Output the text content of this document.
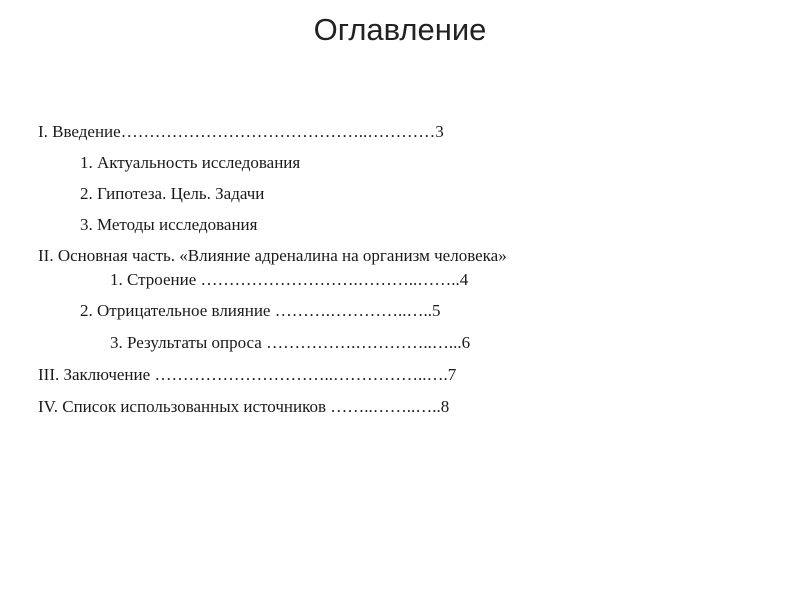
Оглавление
I. Введение……………………………………..…………3
1. Актуальность исследования
2. Гипотеза. Цель. Задачи
3. Методы исследования
II. Основная часть. «Влияние адреналина на организм человека»
1. Строение ……………………….………..……..4
2. Отрицательное влияние ……….…………..…..5
3. Результаты опроса …………….…………..…...6
III. Заключение …………………………..……………..….7
IV. Список использованных источников ……..……..…..8
